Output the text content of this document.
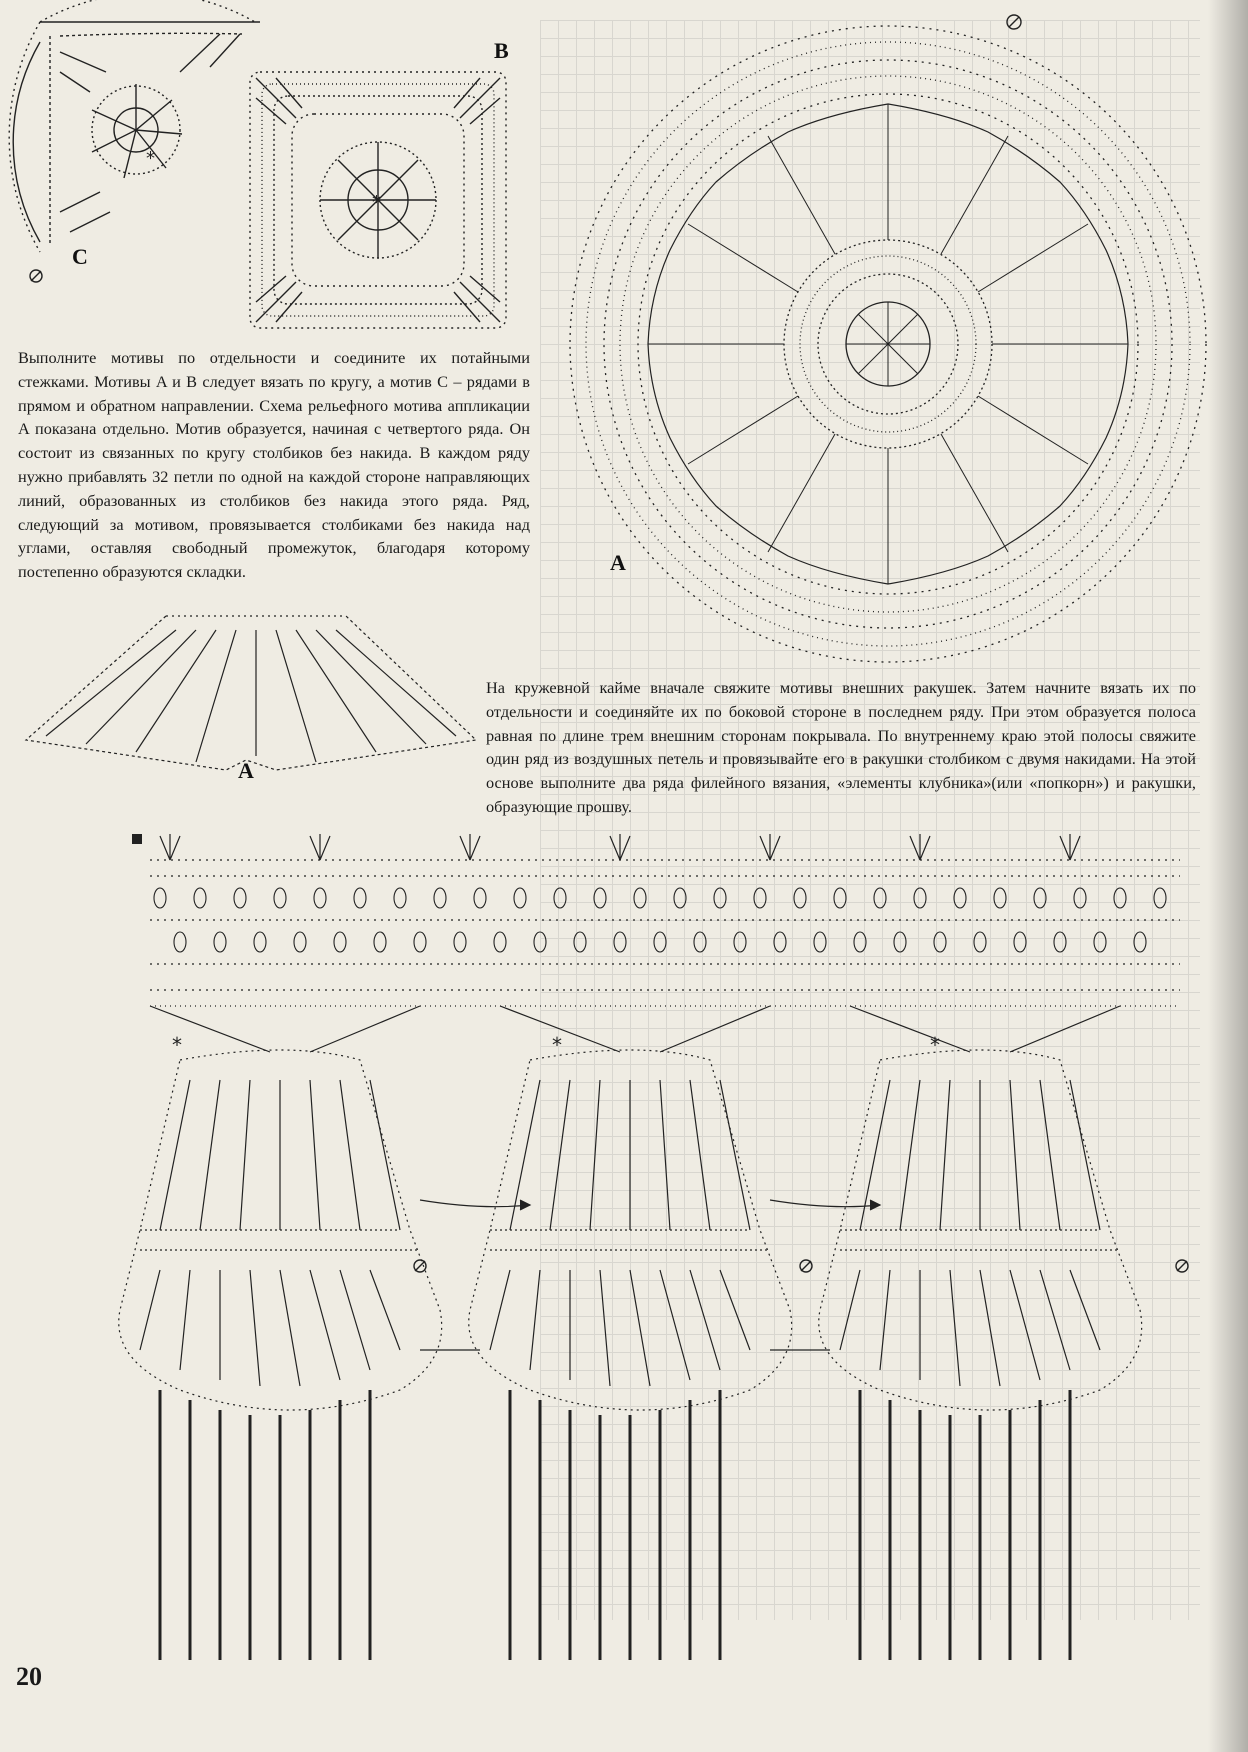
*
C
*
B
A

Выполните мотивы по отдельности и соедините их потайными стежками. Мотивы A и B следует вязать по кругу, а мотив C – рядами в прямом и обратном направлении. Схема рельефного мотива аппликации A показана отдельно. Мотив образуется, начиная с четвертого ряда. Он состоит из связанных по кругу столбиков без накида. В каждом ряду нужно прибавлять 32 петли по одной на каждой стороне направляющих линий, образованных из столбиков без накида этого ряда. Ряд, следующий за мотивом, провязывается столбиками без накида над углами, оставляя свободный промежуток, благодаря которому постепенно образуются складки.

A

На кружевной кайме вначале свяжите мотивы внешних ракушек. Затем начните вязать их по отдельности и соединяйте их по боковой стороне в последнем ряду. При этом образуется полоса равная по длине трем внешним сторонам покрывала. По внутреннему краю этой полосы свяжите один ряд из воздушных петель и провязывайте его в ракушки столбиком с двумя накидами. На этой основе выполните два ряда филейного вязания, «элементы клубника»(или «попкорн») и ракушки, образующие прошву.

*	*	*
20
